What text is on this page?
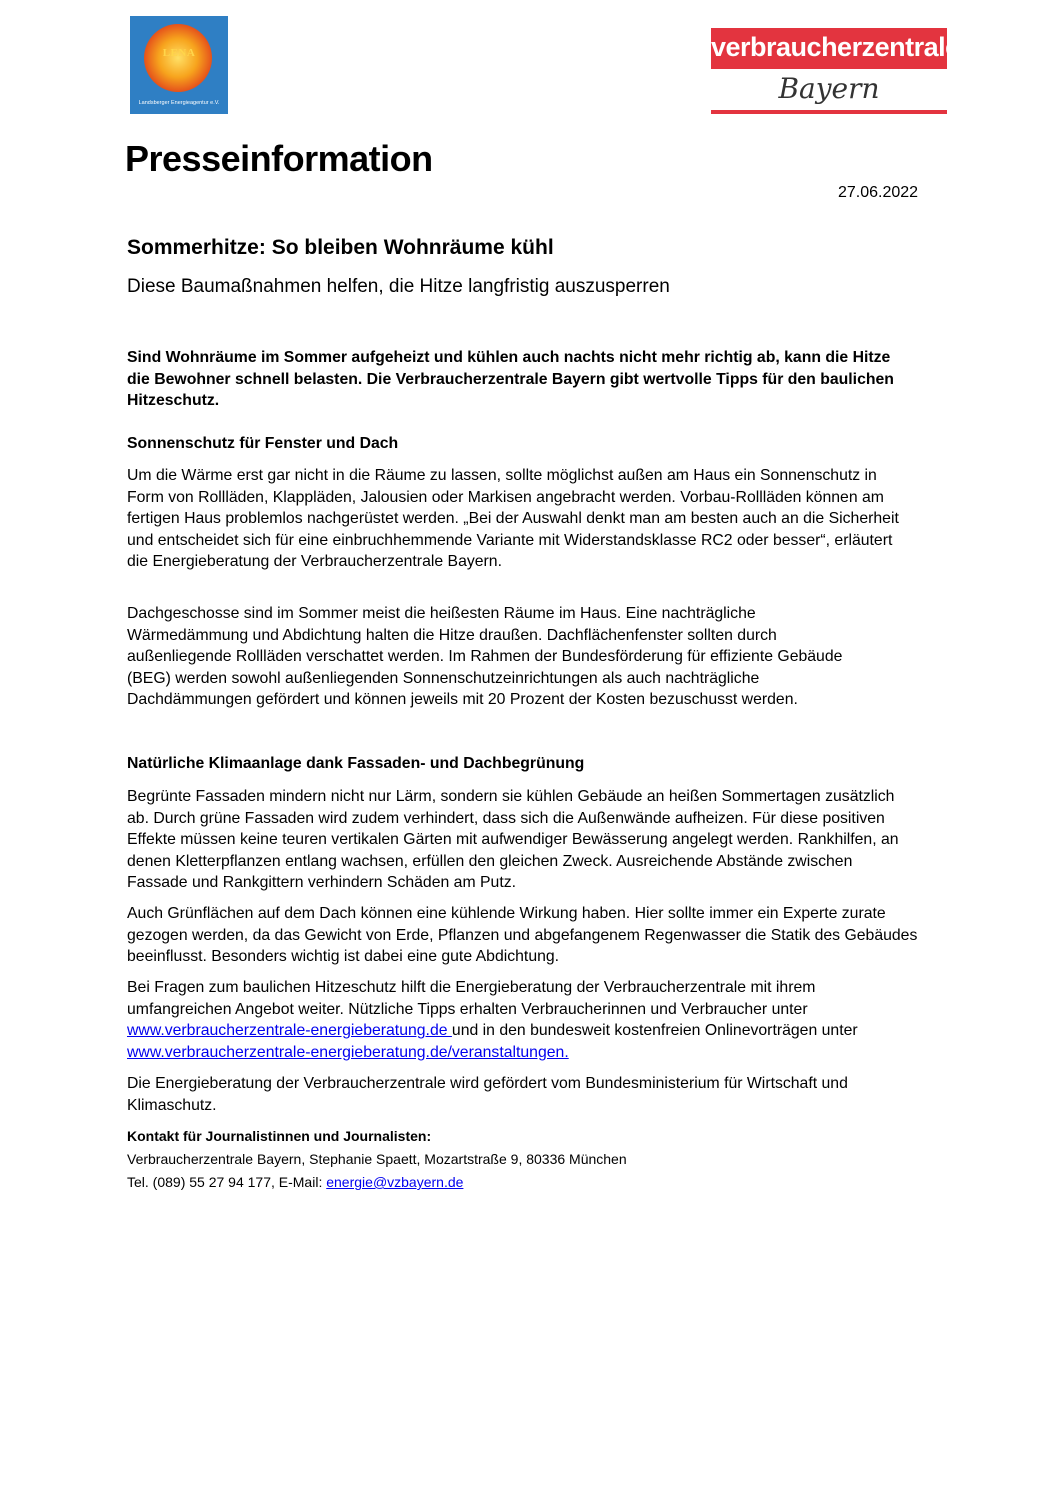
LENA
Landsberger Energieagentur e.V.
verbraucherzentrale
Bayern
Presseinformation
27.06.2022
Sommerhitze: So bleiben Wohnräume kühl
Diese Baumaßnahmen helfen, die Hitze langfristig auszusperren
Sind Wohnräume im Sommer aufgeheizt und kühlen auch nachts nicht mehr richtig ab, kann die Hitze die Bewohner schnell belasten. Die Verbraucherzentrale Bayern gibt wertvolle Tipps für den baulichen Hitzeschutz.
Sonnenschutz für Fenster und Dach
Um die Wärme erst gar nicht in die Räume zu lassen, sollte möglichst außen am Haus ein Sonnenschutz in Form von Rollläden, Klappläden, Jalousien oder Markisen angebracht werden. Vorbau-Rollläden können am fertigen Haus problemlos nachgerüstet werden. „Bei der Auswahl denkt man am besten auch an die Sicherheit und entscheidet sich für eine einbruchhemmende Variante mit Widerstandsklasse RC2 oder besser“, erläutert die Energieberatung der Verbraucherzentrale Bayern.
Dachgeschosse sind im Sommer meist die heißesten Räume im Haus. Eine nachträgliche Wärmedämmung und Abdichtung halten die Hitze draußen. Dachflächenfenster sollten durch außenliegende Rollläden verschattet werden. Im Rahmen der Bundesförderung für effiziente Gebäude (BEG) werden sowohl außenliegenden Sonnenschutzeinrichtungen als auch nachträgliche Dachdämmungen gefördert und können jeweils mit 20 Prozent der Kosten bezuschusst werden.
Natürliche Klimaanlage dank Fassaden- und Dachbegrünung
Begrünte Fassaden mindern nicht nur Lärm, sondern sie kühlen Gebäude an heißen Sommertagen zusätzlich ab. Durch grüne Fassaden wird zudem verhindert, dass sich die Außenwände aufheizen. Für diese positiven Effekte müssen keine teuren vertikalen Gärten mit aufwendiger Bewässerung angelegt werden. Rankhilfen, an denen Kletterpflanzen entlang wachsen, erfüllen den gleichen Zweck. Ausreichende Abstände zwischen Fassade und Rankgittern verhindern Schäden am Putz.
Auch Grünflächen auf dem Dach können eine kühlende Wirkung haben. Hier sollte immer ein Experte zurate gezogen werden, da das Gewicht von Erde, Pflanzen und abgefangenem Regenwasser die Statik des Gebäudes beeinflusst. Besonders wichtig ist dabei eine gute Abdichtung.
Bei Fragen zum baulichen Hitzeschutz hilft die Energieberatung der Verbraucherzentrale mit ihrem umfangreichen Angebot weiter. Nützliche Tipps erhalten Verbraucherinnen und Verbraucher unter www.verbraucherzentrale-energieberatung.de und in den bundesweit kostenfreien Onlinevorträgen unter www.verbraucherzentrale-energieberatung.de/veranstaltungen.
Die Energieberatung der Verbraucherzentrale wird gefördert vom Bundesministerium für Wirtschaft und Klimaschutz.
Kontakt für Journalistinnen und Journalisten:
Verbraucherzentrale Bayern, Stephanie Spaett, Mozartstraße 9, 80336 München
Tel. (089) 55 27 94 177, E-Mail: energie@vzbayern.de
